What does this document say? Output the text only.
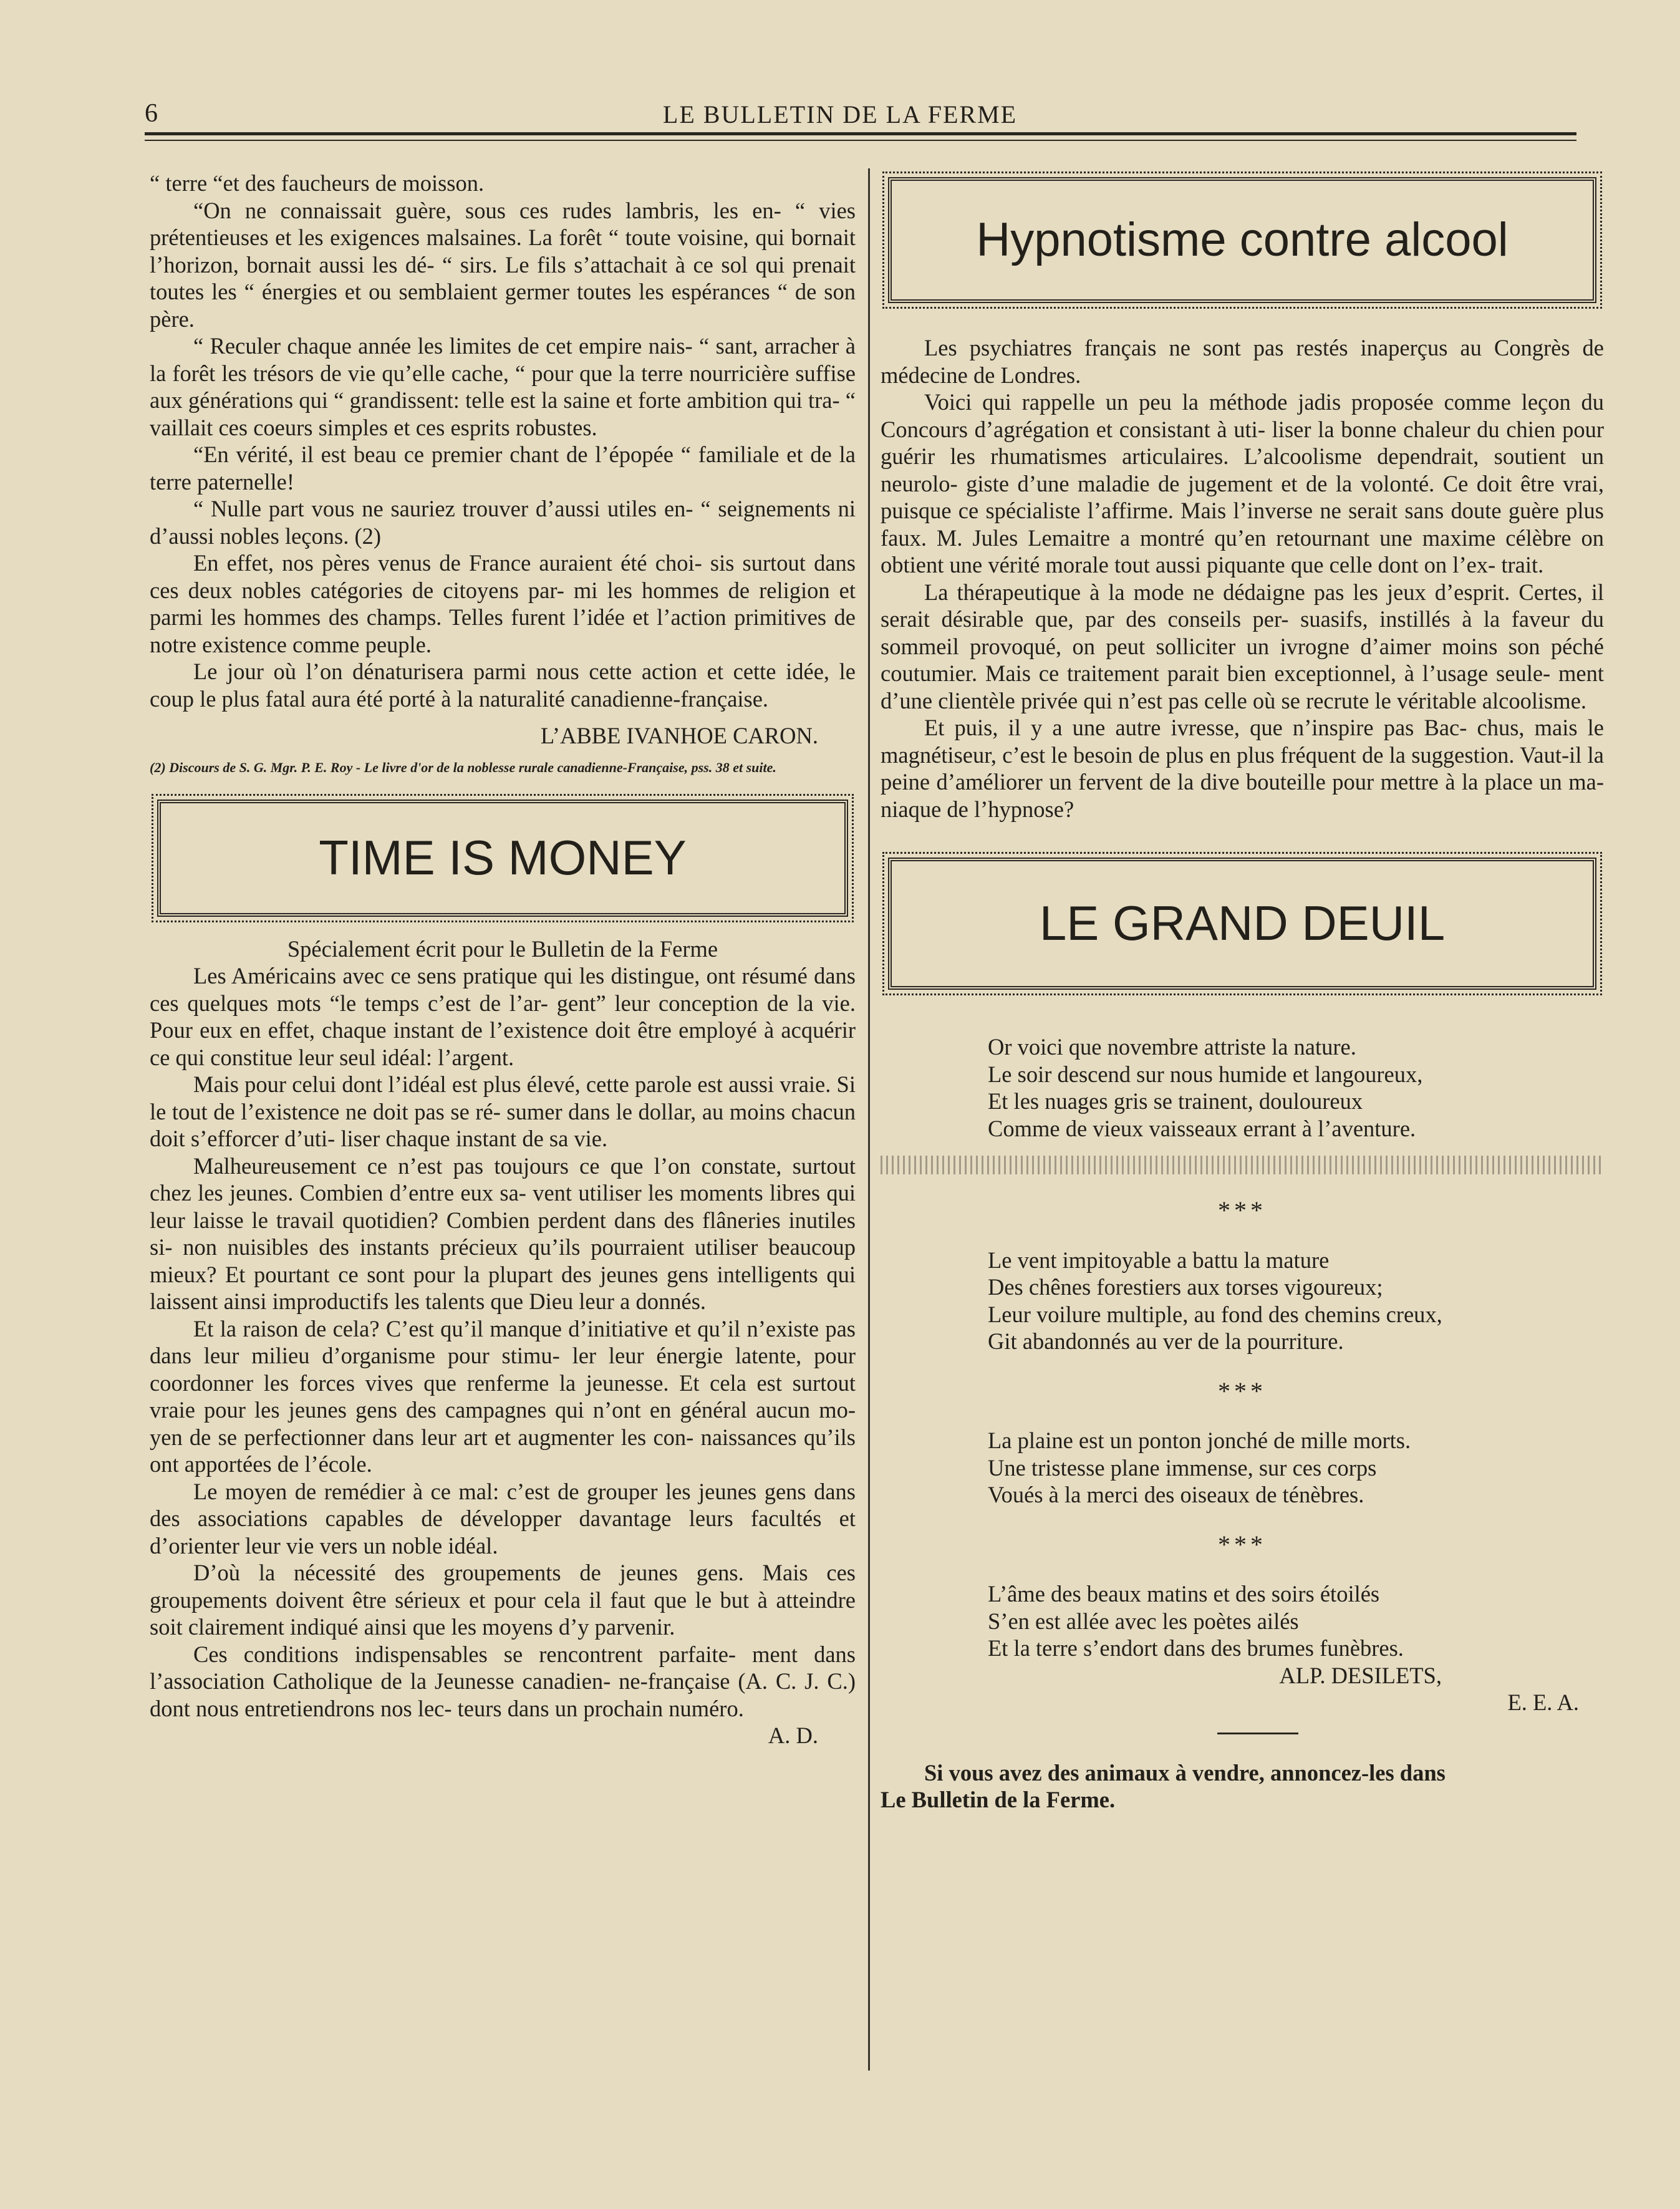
6	LE BULLETIN DE LA FERME

“ terre “et des faucheurs de moisson.

“On ne connaissait guère, sous ces rudes lambris, les en- “ vies prétentieuses et les exigences malsaines. La forêt “ toute voisine, qui bornait l’horizon, bornait aussi les dé- “ sirs. Le fils s’attachait à ce sol qui prenait toutes les “ énergies et ou semblaient germer toutes les espérances “ de son père.

“ Reculer chaque année les limites de cet empire nais- “ sant, arracher à la forêt les trésors de vie qu’elle cache, “ pour que la terre nourricière suffise aux générations qui “ grandissent: telle est la saine et forte ambition qui tra- “ vaillait ces coeurs simples et ces esprits robustes.

“En vérité, il est beau ce premier chant de l’épopée “ familiale et de la terre paternelle!

“ Nulle part vous ne sauriez trouver d’aussi utiles en- “ seignements ni d’aussi nobles leçons. (2)

En effet, nos pères venus de France auraient été choi- sis surtout dans ces deux nobles catégories de citoyens par- mi les hommes de religion et parmi les hommes des champs. Telles furent l’idée et l’action primitives de notre existence comme peuple.

Le jour où l’on dénaturisera parmi nous cette action et cette idée, le coup le plus fatal aura été porté à la naturalité canadienne-française.

L’ABBE IVANHOE CARON.

(2) Discours de S. G. Mgr. P. E. Roy - Le livre d'or de la noblesse rurale canadienne-Française, pss. 38 et suite.

TIME IS MONEY

Spécialement écrit pour le Bulletin de la Ferme

Les Américains avec ce sens pratique qui les distingue, ont résumé dans ces quelques mots “le temps c’est de l’ar- gent” leur conception de la vie. Pour eux en effet, chaque instant de l’existence doit être employé à acquérir ce qui constitue leur seul idéal: l’argent.

Mais pour celui dont l’idéal est plus élevé, cette parole est aussi vraie. Si le tout de l’existence ne doit pas se ré- sumer dans le dollar, au moins chacun doit s’efforcer d’uti- liser chaque instant de sa vie.

Malheureusement ce n’est pas toujours ce que l’on constate, surtout chez les jeunes. Combien d’entre eux sa- vent utiliser les moments libres qui leur laisse le travail quotidien? Combien perdent dans des flâneries inutiles si- non nuisibles des instants précieux qu’ils pourraient utiliser beaucoup mieux? Et pourtant ce sont pour la plupart des jeunes gens intelligents qui laissent ainsi improductifs les talents que Dieu leur a donnés.

Et la raison de cela? C’est qu’il manque d’initiative et qu’il n’existe pas dans leur milieu d’organisme pour stimu- ler leur énergie latente, pour coordonner les forces vives que renferme la jeunesse. Et cela est surtout vraie pour les jeunes gens des campagnes qui n’ont en général aucun mo- yen de se perfectionner dans leur art et augmenter les con- naissances qu’ils ont apportées de l’école.

Le moyen de remédier à ce mal: c’est de grouper les jeunes gens dans des associations capables de développer davantage leurs facultés et d’orienter leur vie vers un noble idéal.

D’où la nécessité des groupements de jeunes gens. Mais ces groupements doivent être sérieux et pour cela il faut que le but à atteindre soit clairement indiqué ainsi que les moyens d’y parvenir.

Ces conditions indispensables se rencontrent parfaite- ment dans l’association Catholique de la Jeunesse canadien- ne-française (A. C. J. C.) dont nous entretiendrons nos lec- teurs dans un prochain numéro.

A. D.

Hypnotisme contre alcool

Les psychiatres français ne sont pas restés inaperçus au Congrès de médecine de Londres.

Voici qui rappelle un peu la méthode jadis proposée comme leçon du Concours d’agrégation et consistant à uti- liser la bonne chaleur du chien pour guérir les rhumatismes articulaires. L’alcoolisme dependrait, soutient un neurolo- giste d’une maladie de jugement et de la volonté. Ce doit être vrai, puisque ce spécialiste l’affirme. Mais l’inverse ne serait sans doute guère plus faux. M. Jules Lemaitre a montré qu’en retournant une maxime célèbre on obtient une vérité morale tout aussi piquante que celle dont on l’ex- trait.

La thérapeutique à la mode ne dédaigne pas les jeux d’esprit. Certes, il serait désirable que, par des conseils per- suasifs, instillés à la faveur du sommeil provoqué, on peut solliciter un ivrogne d’aimer moins son péché coutumier. Mais ce traitement parait bien exceptionnel, à l’usage seule- ment d’une clientèle privée qui n’est pas celle où se recrute le véritable alcoolisme.

Et puis, il y a une autre ivresse, que n’inspire pas Bac- chus, mais le magnétiseur, c’est le besoin de plus en plus fréquent de la suggestion. Vaut-il la peine d’améliorer un fervent de la dive bouteille pour mettre à la place un ma- niaque de l’hypnose?

LE GRAND DEUIL

Or voici que novembre attriste la nature.

Le soir descend sur nous humide et langoureux,

Et les nuages gris se trainent, douloureux

Comme de vieux vaisseaux errant à l’aventure.

***

Le vent impitoyable a battu la mature

Des chênes forestiers aux torses vigoureux;

Leur voilure multiple, au fond des chemins creux,

Git abandonnés au ver de la pourriture.

***

La plaine est un ponton jonché de mille morts.

Une tristesse plane immense, sur ces corps

Voués à la merci des oiseaux de ténèbres.

***

L’âme des beaux matins et des soirs étoilés

S’en est allée avec les poètes ailés

Et la terre s’endort dans des brumes funèbres.

ALP. DESILETS,

E. E. A.

Si vous avez des animaux à vendre, annoncez-les dans

Le Bulletin de la Ferme.
